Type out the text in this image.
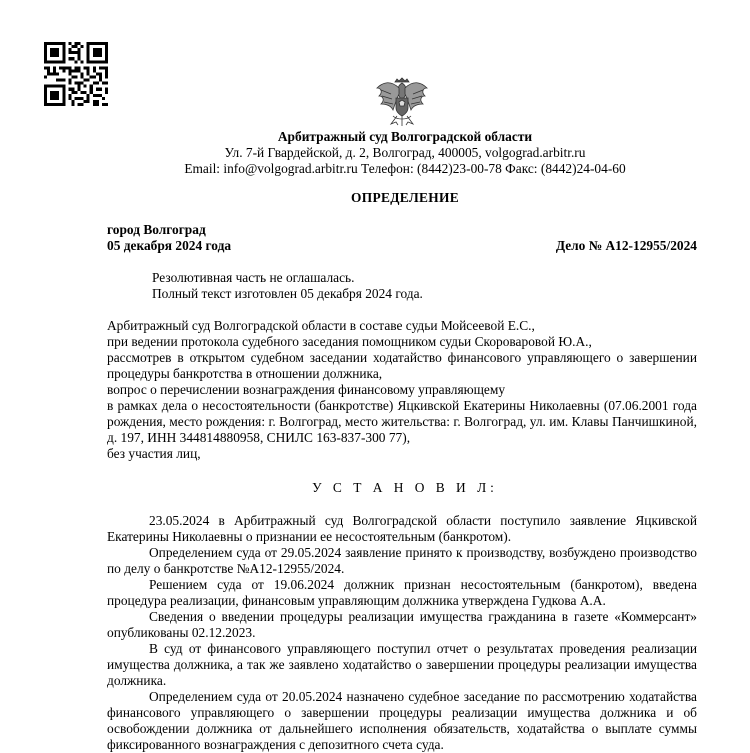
Арбитражный суд Волгоградской области
Ул. 7-й Гвардейской, д. 2, Волгоград, 400005, volgograd.arbitr.ru
Email: info@volgograd.arbitr.ru Телефон: (8442)23-00-78 Факс: (8442)24-04-60
ОПРЕДЕЛЕНИЕ
город Волгоград
05 декабря 2024 года	Дело № А12-12955/2024
Резолютивная часть не оглашалась.
Полный текст изготовлен 05 декабря 2024 года.

Арбитражный суд Волгоградской области в составе судьи Мойсеевой Е.С.,

при ведении протокола судебного заседания помощником судьи Скороваровой Ю.А.,

рассмотрев в открытом судебном заседании ходатайство финансового управляющего о завершении процедуры банкротства в отношении должника,

вопрос о перечислении вознаграждения финансовому управляющему

в рамках дела о несостоятельности (банкротстве) Яцкивской Екатерины Николаевны (07.06.2001 года рождения, место рождения: г. Волгоград, место жительства: г. Волгоград, ул. им. Клавы Панчишкиной, д. 197, ИНН 344814880958, СНИЛС 163-837-300 77),

без участия лиц,

У С Т А Н О В И Л:

23.05.2024 в Арбитражный суд Волгоградской области поступило заявление Яцкивской Екатерины Николаевны о признании ее несостоятельным (банкротом).

Определением суда от 29.05.2024 заявление принято к производству, возбуждено производство по делу о банкротстве №А12-12955/2024.

Решением суда от 19.06.2024 должник признан несостоятельным (банкротом), введена процедура реализации, финансовым управляющим должника утверждена Гудкова А.А.

Сведения о введении процедуры реализации имущества гражданина в газете «Коммерсант» опубликованы 02.12.2023.

В суд от финансового управляющего поступил отчет о результатах проведения реализации имущества должника, а так же заявлено ходатайство о завершении процедуры реализации имущества должника.

Определением суда от 20.05.2024 назначено судебное заседание по рассмотрению ходатайства финансового управляющего о завершении процедуры реализации имущества должника и об освобождении должника от дальнейшего исполнения обязательств, ходатайства о выплате суммы фиксированного вознаграждения с депозитного счета суда.
